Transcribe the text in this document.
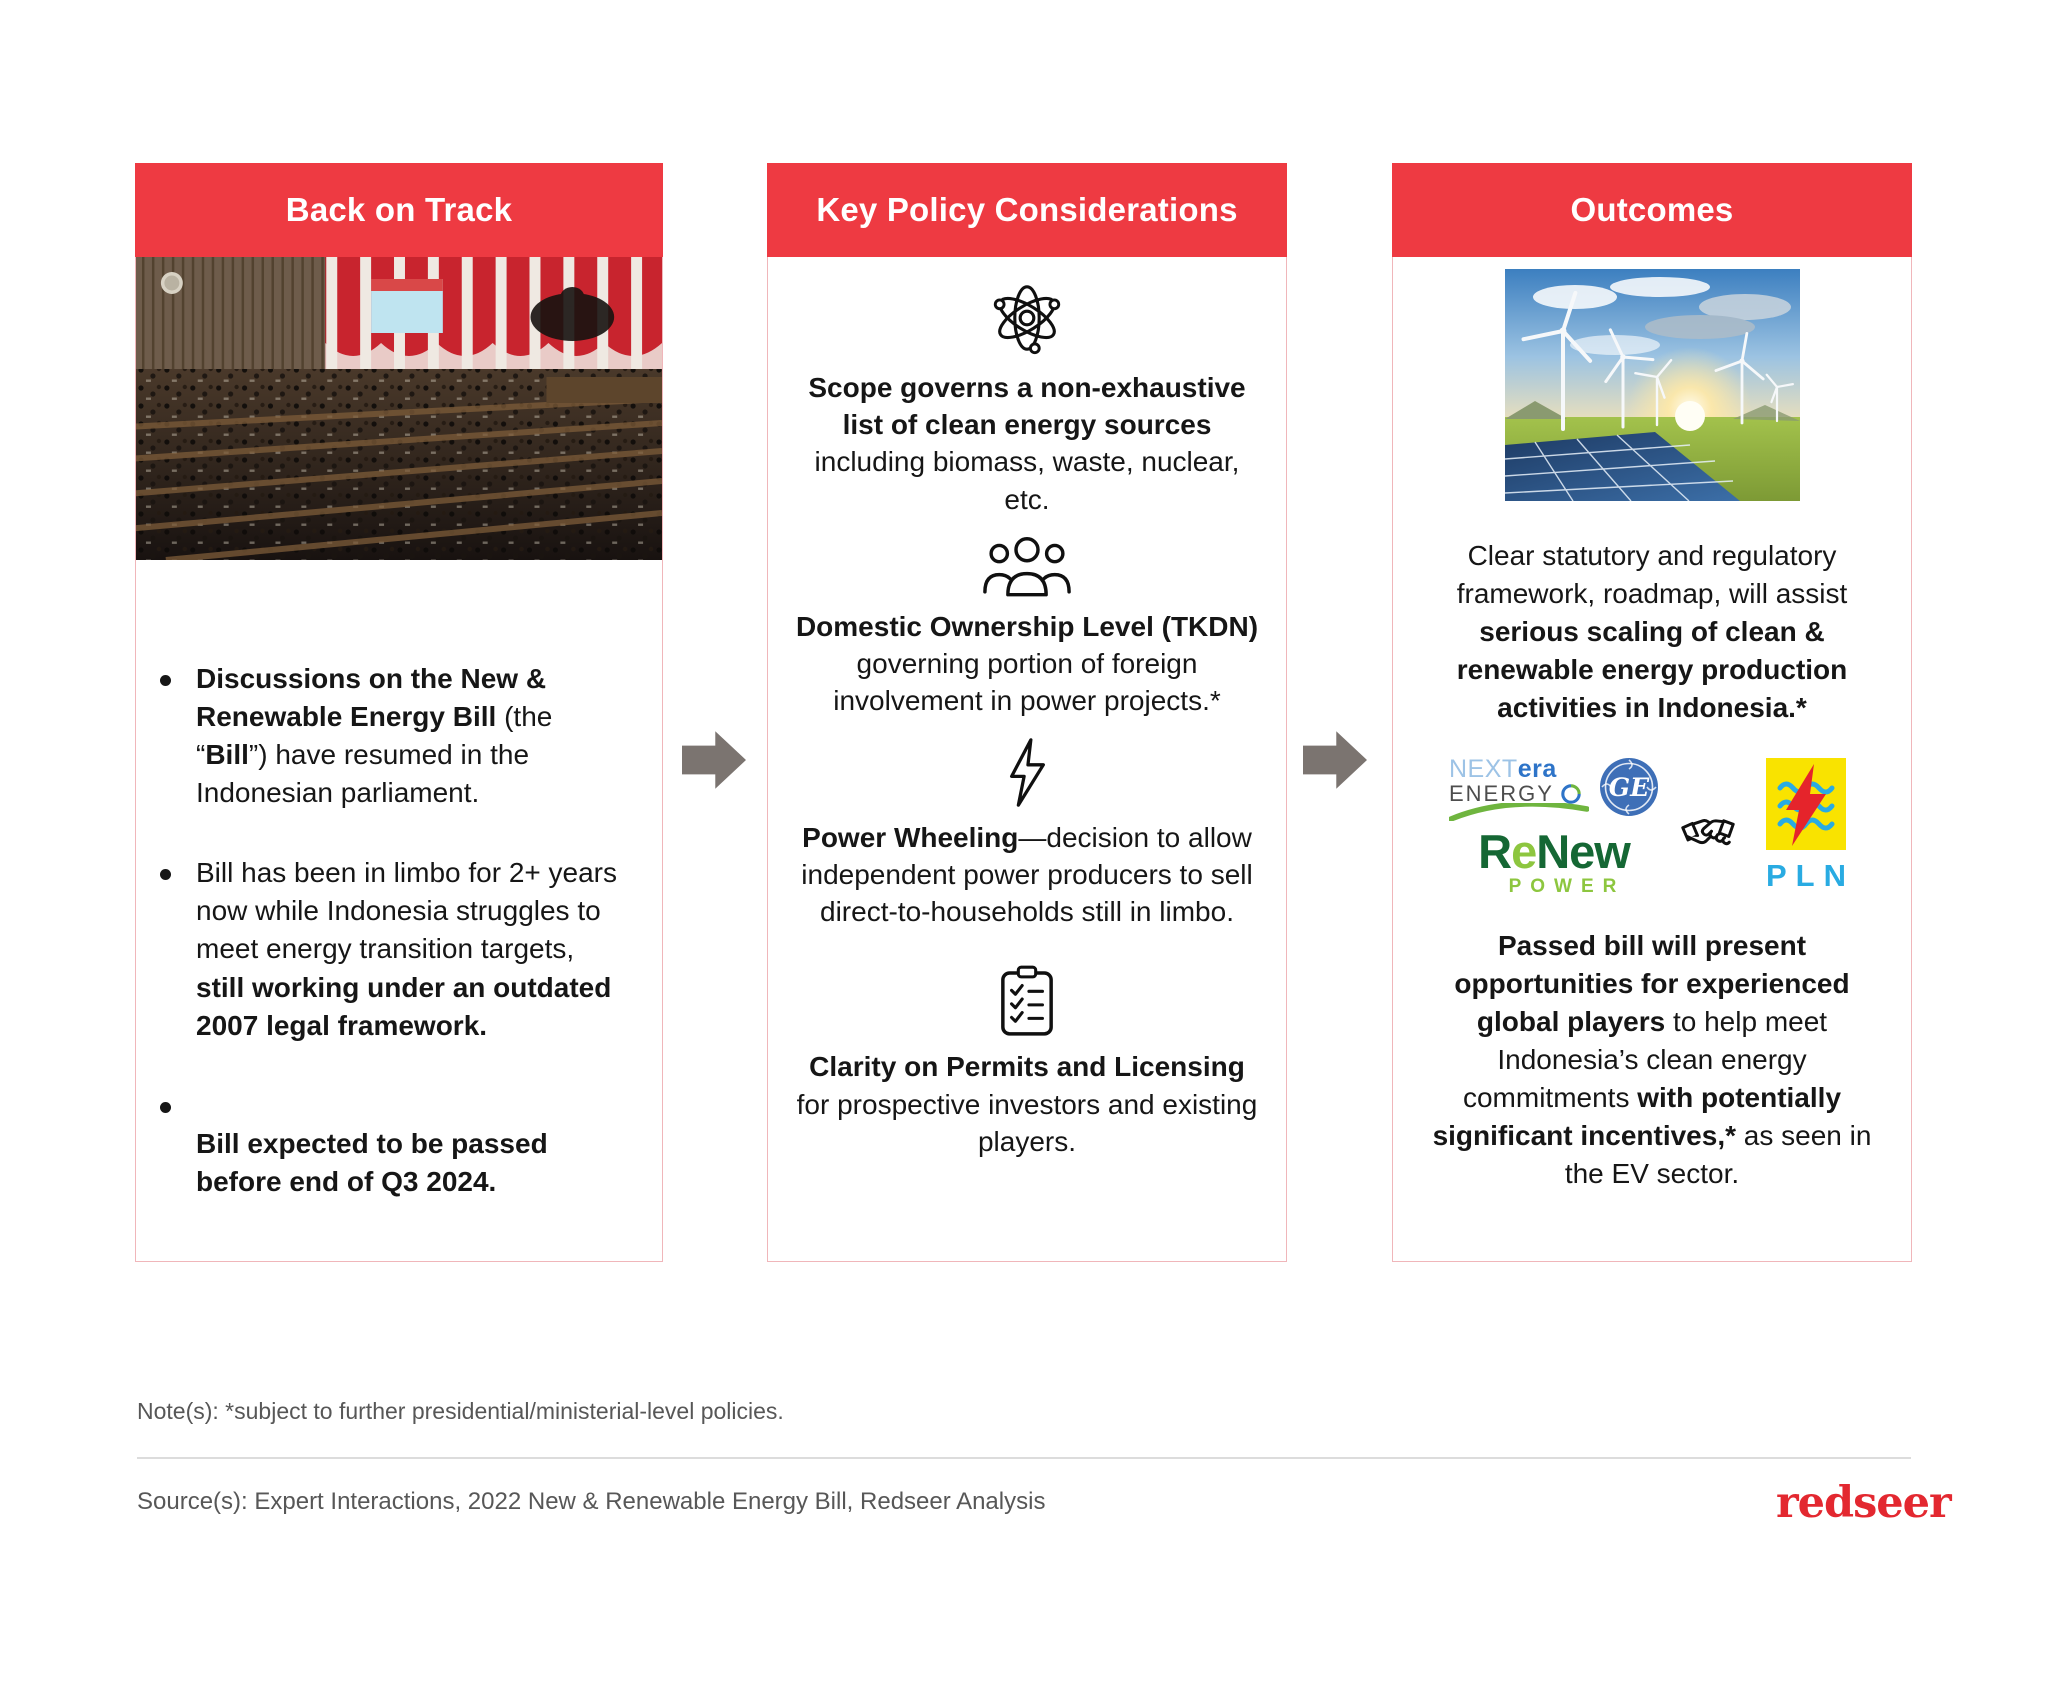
Back on Track
Discussions on the New & Renewable Energy Bill (the “Bill”) have resumed in the Indonesian parliament.
Bill has been in limbo for 2+ years now while Indonesia struggles to meet energy transition targets, still working under an outdated 2007 legal framework.

Bill expected to be passed before end of Q3 2024.
Key Policy Considerations
Scope governs a non-exhaustive list of clean energy sources including biomass, waste, nuclear, etc.
Domestic Ownership Level (TKDN) governing portion of foreign involvement in power projects.*
Power Wheeling—decision to allow independent power producers to sell direct-to-households still in limbo.
Clarity on Permits and Licensing for prospective investors and existing players.
Outcomes
Clear statutory and regulatory framework, roadmap, will assist serious scaling of clean & renewable energy production activities in Indonesia.*
NEXTera
ENERGY	GE
ReNew
POWER	PLN
Passed bill will present opportunities for experienced global players to help meet Indonesia’s clean energy commitments with potentially significant incentives,* as seen in the EV sector.
Note(s): *subject to further presidential/ministerial-level policies.
Source(s): Expert Interactions, 2022 New & Renewable Energy Bill, Redseer Analysis	redseer
